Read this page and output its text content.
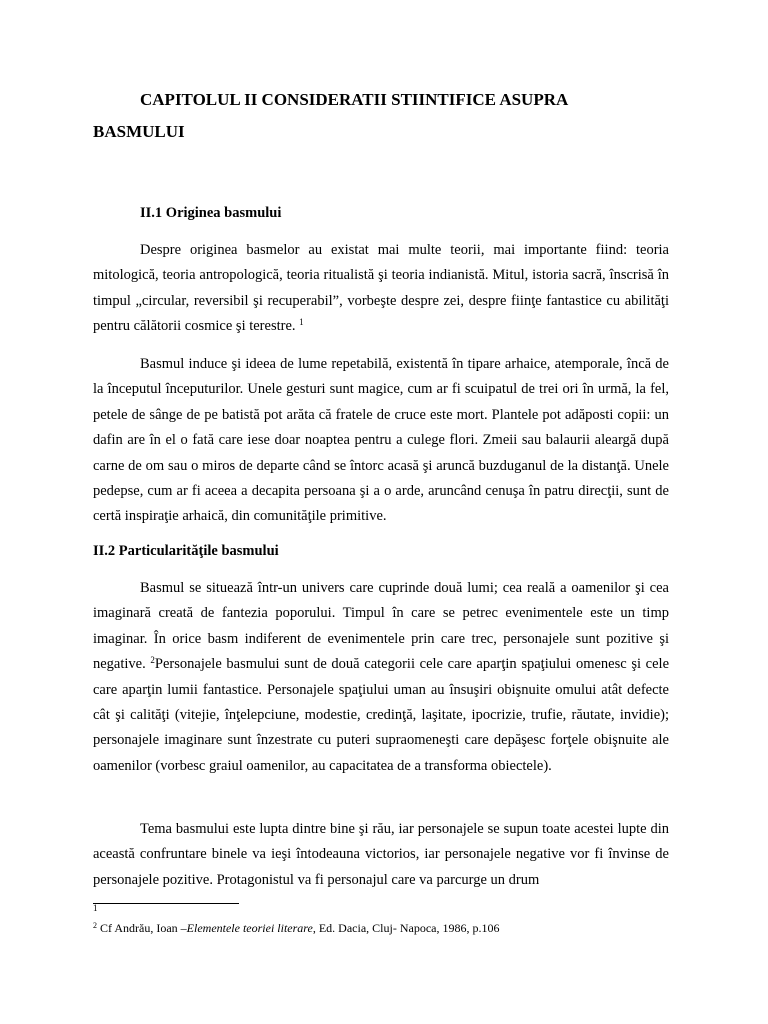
CAPITOLUL II CONSIDERATII STIINTIFICE ASUPRA BASMULUI
II.1 Originea basmului

Despre originea basmelor au existat mai multe teorii, mai importante fiind: teoria mitologică, teoria antropologică, teoria ritualistă şi teoria indianistă. Mitul, istoria sacră, înscrisă în timpul „circular, reversibil şi recuperabil”, vorbeşte despre zei, despre fiinţe fantastice cu abilităţi pentru călătorii cosmice şi terestre. $^1$

Basmul induce şi ideea de lume repetabilă, existentă în tipare arhaice, atemporale, încă de la începutul începuturilor. Unele gesturi sunt magice, cum ar fi scuipatul de trei ori în urmă, la fel, petele de sânge de pe batistă pot arăta că fratele de cruce este mort. Plantele pot adăposti copii: un dafin are în el o fată care iese doar noaptea pentru a culege flori. Zmeii sau balaurii aleargă după carne de om sau o miros de departe când se întorc acasă şi aruncă buzduganul de la distanţă. Unele pedepse, cum ar fi aceea a decapita persoana şi a o arde, aruncând cenuşa în patru direcţii, sunt de certă inspiraţie arhaică, din comunităţile primitive.

II.2 Particularităţile basmului

Basmul se situează într-un univers care cuprinde două lumi; cea reală a oamenilor şi cea imaginară creată de fantezia poporului. Timpul în care se petrec evenimentele este un timp imaginar. În orice basm indiferent de evenimentele prin care trec, personajele sunt pozitive şi negative. $^2$Personajele basmului sunt de două categorii cele care aparţin spaţiului omenesc şi cele care aparţin lumii fantastice. Personajele spaţiului uman au însuşiri obişnuite omului atât defecte cât şi calităţi (vitejie, înţelepciune, modestie, credinţă, laşitate, ipocrizie, trufie, răutate, invidie); personajele imaginare sunt înzestrate cu puteri supraomeneşti care depăşesc forţele obişnuite ale oamenilor (vorbesc graiul oamenilor, au capacitatea de a transforma obiectele).

Tema basmului este lupta dintre bine şi rău, iar personajele se supun toate acestei lupte din această confruntare binele va ieşi întodeauna victorios, iar personajele negative vor fi învinse de personajele pozitive. Protagonistul va fi personajul care va parcurge un drum

$^1$
$^2$ Cf Andrău, Ioan –Elementele teoriei literare, Ed. Dacia, Cluj- Napoca, 1986, p.106
